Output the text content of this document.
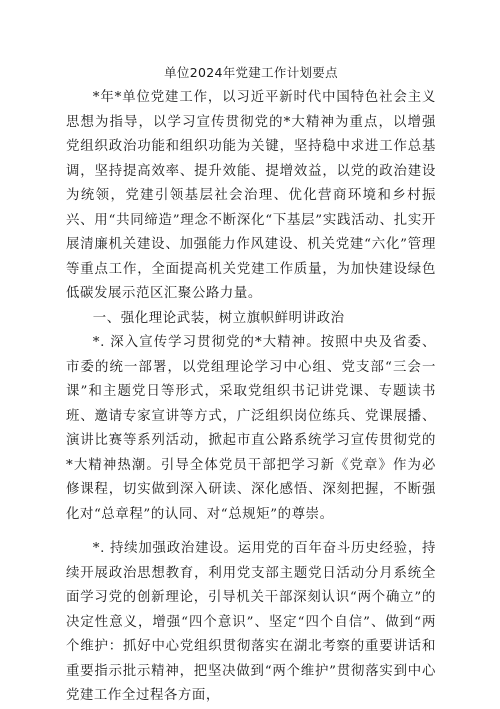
单位2024年党建工作计划要点

*年*单位党建工作，以习近平新时代中国特色社会主义思想为指导，以学习宣传贯彻党的*大精神为重点，以增强党组织政治功能和组织功能为关键，坚持稳中求进工作总基调，坚持提高效率、提升效能、提增效益，以党的政治建设为统领，党建引领基层社会治理、优化营商环境和乡村振兴、用“共同缔造”理念不断深化“下基层”实践活动、扎实开展清廉机关建设、加强能力作风建设、机关党建“六化”管理等重点工作，全面提高机关党建工作质量，为加快建设绿色低碳发展示范区汇聚公路力量。

一、强化理论武装，树立旗帜鲜明讲政治

*. 深入宣传学习贯彻党的*大精神。按照中央及省委、市委的统一部署，以党组理论学习中心组、党支部“三会一课”和主题党日等形式，采取党组织书记讲党课、专题读书班、邀请专家宣讲等方式，广泛组织岗位练兵、党课展播、演讲比赛等系列活动，掀起市直公路系统学习宣传贯彻党的*大精神热潮。引导全体党员干部把学习新《党章》作为必修课程，切实做到深入研读、深化感悟、深刻把握，不断强化对“总章程”的认同、对“总规矩”的尊崇。

*. 持续加强政治建设。运用党的百年奋斗历史经验，持续开展政治思想教育，利用党支部主题党日活动分月系统全面学习党的创新理论，引导机关干部深刻认识“两个确立”的决定性意义，增强“四个意识”、坚定“四个自信”、做到“两个维护：抓好中心党组织贯彻落实在湖北考察的重要讲话和重要指示批示精神，把坚决做到“两个维护”贯彻落实到中心党建工作全过程各方面，
